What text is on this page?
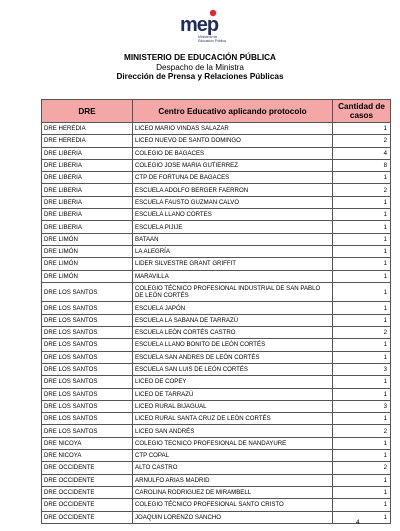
mep
Ministerio de
Educación Pública
MINISTERIO DE EDUCACIÓN PÚBLICA
Despacho de la Ministra
Dirección de Prensa y Relaciones Públicas
DRE	Centro Educativo aplicando protocolo	Cantidad de casos
DRE HEREDIA	LICEO MARIO VINDAS SALAZAR	1
DRE HEREDIA	LICEO NUEVO DE SANTO DOMINGO	2
DRE LIBERIA	COLEGIO DE BAGACES	4
DRE LIBERIA	COLEGIO JOSE MARIA GUTIERREZ	8
DRE LIBERIA	CTP DE FORTUNA DE BAGACES	1
DRE LIBERIA	ESCUELA ADOLFO BERGER FAERRON	2
DRE LIBERIA	ESCUELA FAUSTO GUZMAN CALVO	1
DRE LIBERIA	ESCUELA LLANO CORTES	1
DRE LIBERIA	ESCUELA PIJIJE	1
DRE LIMÓN	BATAAN	1
DRE LIMÓN	LA ALEGRÍA	1
DRE LIMÓN	LIDER SILVESTRE GRANT GRIFFIT	1
DRE LIMÓN	MARAVILLA	1
DRE LOS SANTOS	COLEGIO TÉCNICO PROFESIONAL INDUSTRIAL DE SAN PABLO DE LEÓN CORTÉS	1
DRE LOS SANTOS	ESCUELA JAPÓN	1
DRE LOS SANTOS	ESCUELA LA SABANA DE TARRAZÚ	1
DRE LOS SANTOS	ESCUELA LEÓN CORTÉS CASTRO	2
DRE LOS SANTOS	ESCUELA LLANO BONITO DE LEÓN CORTÉS	1
DRE LOS SANTOS	ESCUELA SAN ANDRES DE LEÓN CORTÉS	1
DRE LOS SANTOS	ESCUELA SAN LUIS DE LEÓN CORTÉS	3
DRE LOS SANTOS	LICEO DE COPEY	1
DRE LOS SANTOS	LICEO DE TARRAZÚ	1
DRE LOS SANTOS	LICEO RURAL BIJAGUAL	3
DRE LOS SANTOS	LICEO RURAL SANTA CRUZ DE LEÓN CORTÉS	1
DRE LOS SANTOS	LICEO SAN ANDRÉS	2
DRE NICOYA	COLEGIO TECNICO PROFESIONAL DE NANDAYURE	1
DRE NICOYA	CTP COPAL	1
DRE OCCIDENTE	ALTO CASTRO	2
DRE OCCIDENTE	ARNULFO ARIAS MADRID	1
DRE OCCIDENTE	CAROLINA RODRIGUEZ DE MIRAMBELL	1
DRE OCCIDENTE	COLEGIO TÉCNICO PROFESIONAL SANTO CRISTO	1
DRE OCCIDENTE	JOAQUIN LORENZO SANCHO	1
4
